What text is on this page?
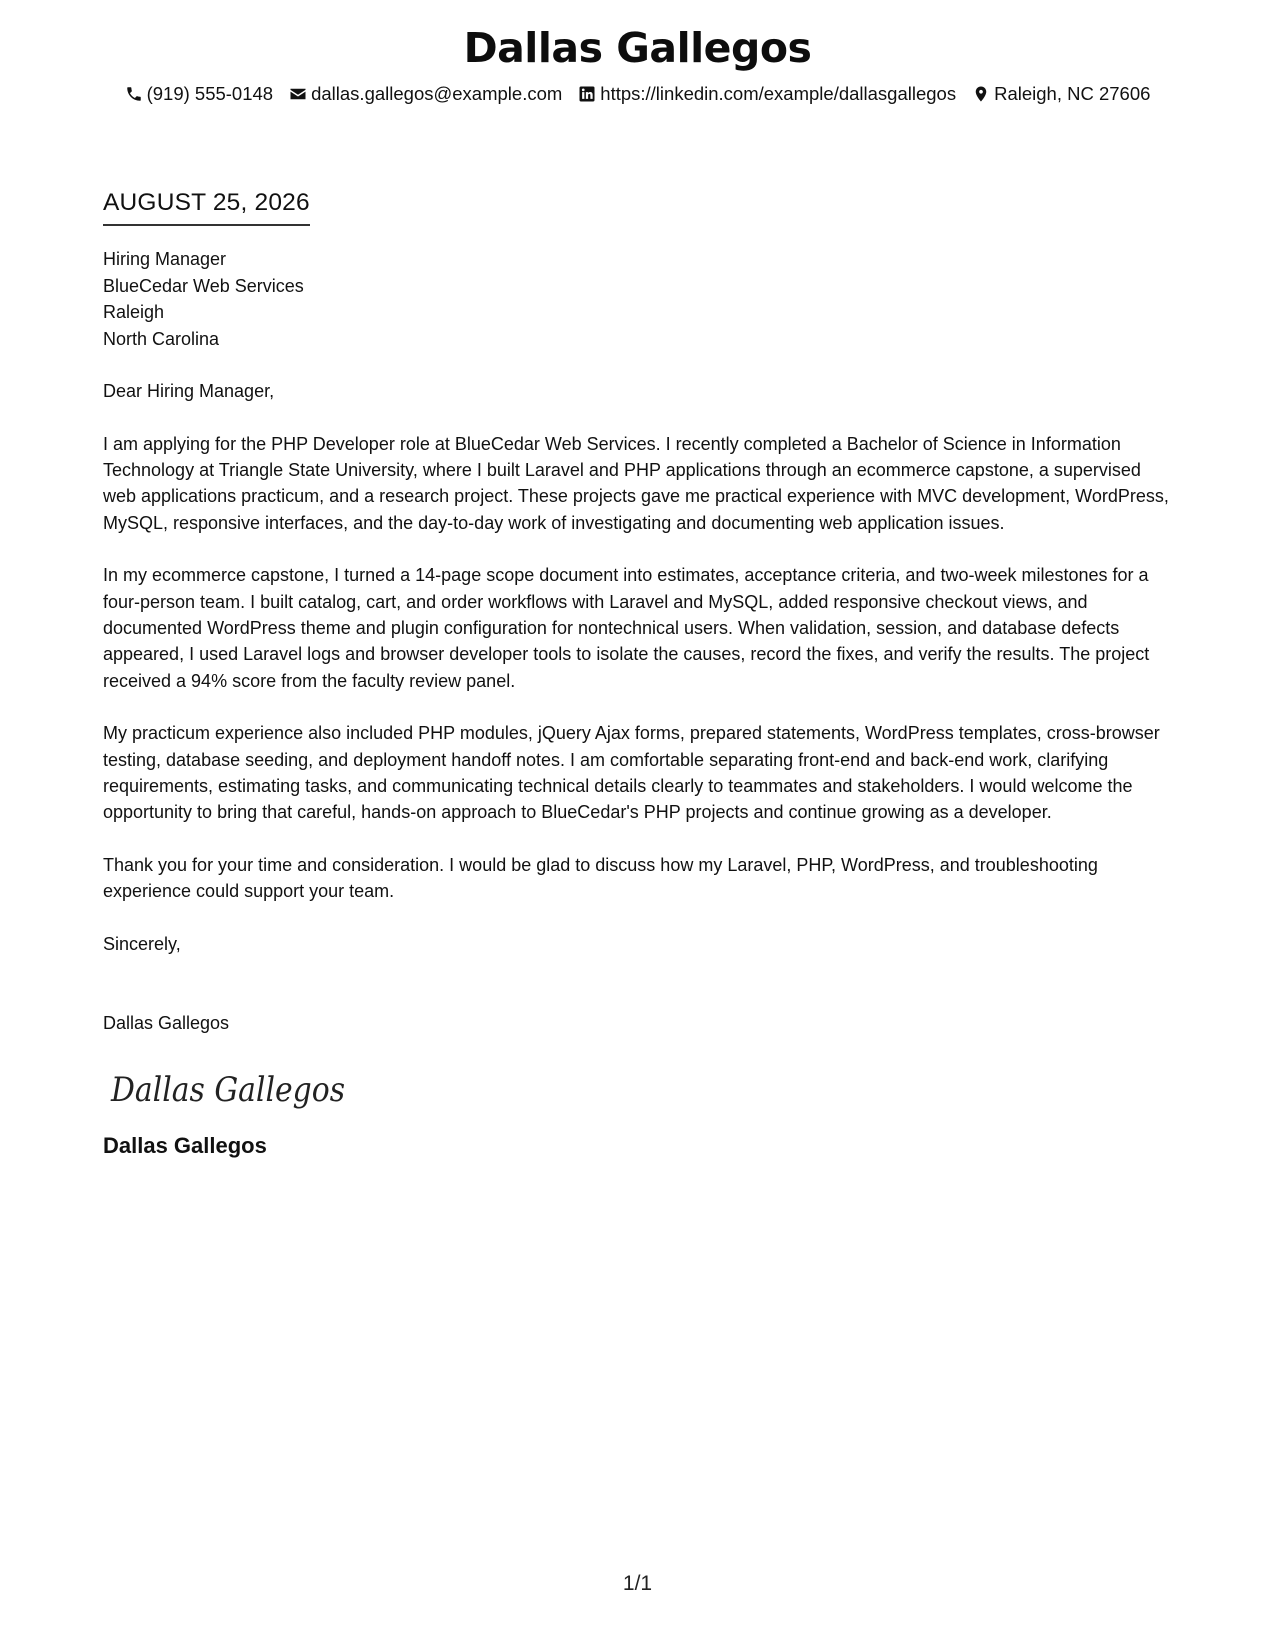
Dallas Gallegos
(919) 555-0148 dallas.gallegos@example.com https://linkedin.com/example/dallasgallegos Raleigh, NC 27606
AUGUST 25, 2026
Hiring Manager
BlueCedar Web Services
Raleigh
North Carolina
Dear Hiring Manager,
I am applying for the PHP Developer role at BlueCedar Web Services. I recently completed a Bachelor of Science in Information Technology at Triangle State University, where I built Laravel and PHP applications through an ecommerce capstone, a supervised web applications practicum, and a research project. These projects gave me practical experience with MVC development, WordPress, MySQL, responsive interfaces, and the day-to-day work of investigating and documenting web application issues.
In my ecommerce capstone, I turned a 14-page scope document into estimates, acceptance criteria, and two-week milestones for a four-person team. I built catalog, cart, and order workflows with Laravel and MySQL, added responsive checkout views, and documented WordPress theme and plugin configuration for nontechnical users. When validation, session, and database defects appeared, I used Laravel logs and browser developer tools to isolate the causes, record the fixes, and verify the results. The project received a 94% score from the faculty review panel.
My practicum experience also included PHP modules, jQuery Ajax forms, prepared statements, WordPress templates, cross-browser testing, database seeding, and deployment handoff notes. I am comfortable separating front-end and back-end work, clarifying requirements, estimating tasks, and communicating technical details clearly to teammates and stakeholders. I would welcome the opportunity to bring that careful, hands-on approach to BlueCedar's PHP projects and continue growing as a developer.
Thank you for your time and consideration. I would be glad to discuss how my Laravel, PHP, WordPress, and troubleshooting experience could support your team.
Sincerely,
Dallas Gallegos
Dallas Gallegos
Dallas Gallegos
1/1
